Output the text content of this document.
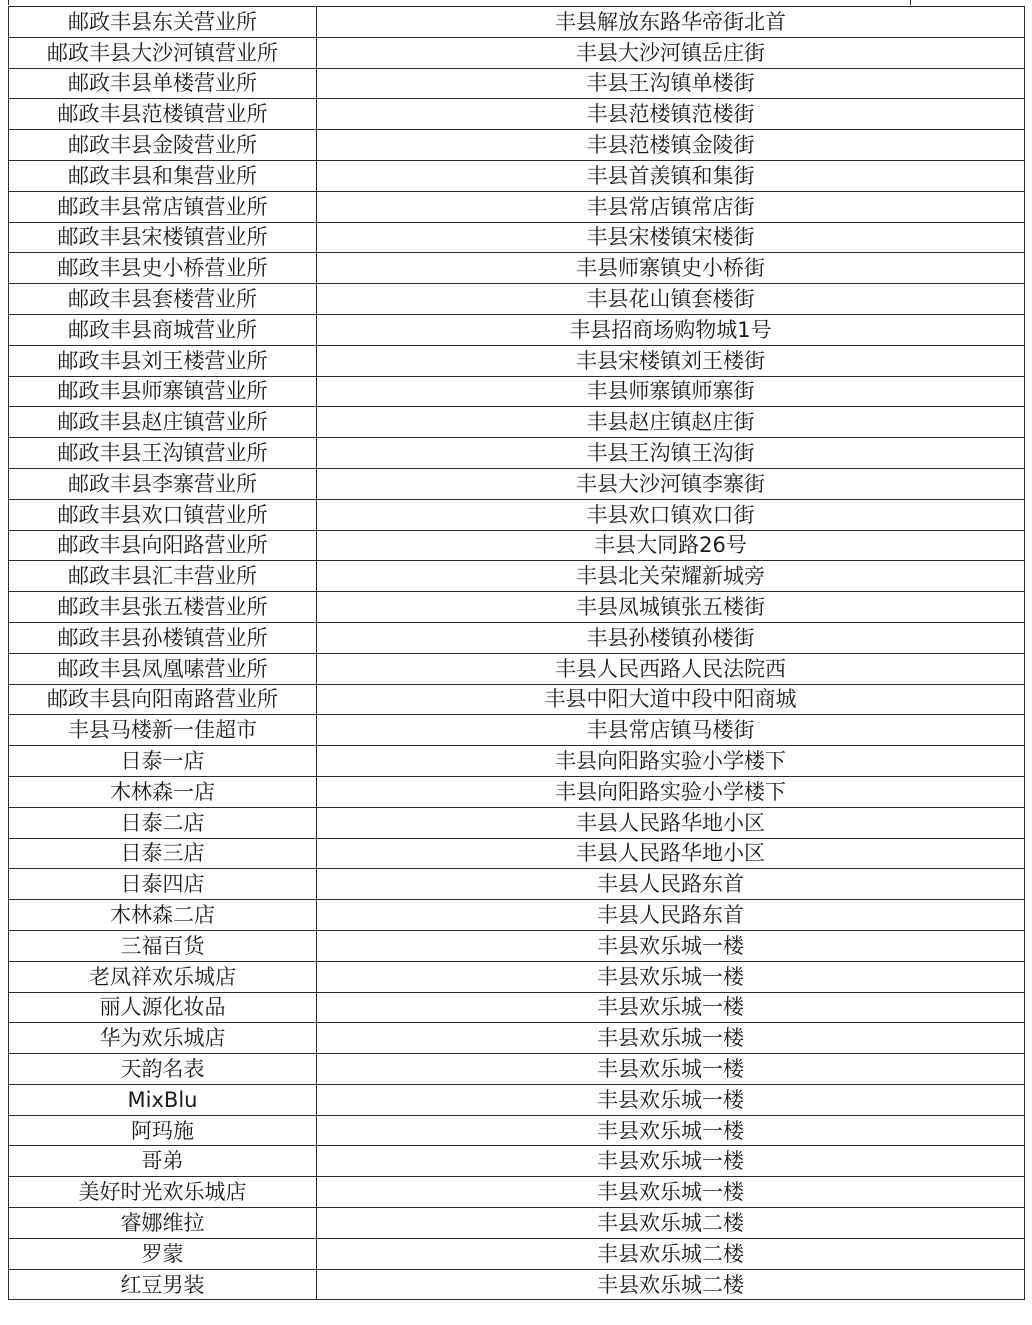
邮政丰县东关营业所	丰县解放东路华帝街北首
邮政丰县大沙河镇营业所	丰县大沙河镇岳庄街
邮政丰县单楼营业所	丰县王沟镇单楼街
邮政丰县范楼镇营业所	丰县范楼镇范楼街
邮政丰县金陵营业所	丰县范楼镇金陵街
邮政丰县和集营业所	丰县首羡镇和集街
邮政丰县常店镇营业所	丰县常店镇常店街
邮政丰县宋楼镇营业所	丰县宋楼镇宋楼街
邮政丰县史小桥营业所	丰县师寨镇史小桥街
邮政丰县套楼营业所	丰县花山镇套楼街
邮政丰县商城营业所	丰县招商场购物城1号
邮政丰县刘王楼营业所	丰县宋楼镇刘王楼街
邮政丰县师寨镇营业所	丰县师寨镇师寨街
邮政丰县赵庄镇营业所	丰县赵庄镇赵庄街
邮政丰县王沟镇营业所	丰县王沟镇王沟街
邮政丰县李寨营业所	丰县大沙河镇李寨街
邮政丰县欢口镇营业所	丰县欢口镇欢口街
邮政丰县向阳路营业所	丰县大同路26号
邮政丰县汇丰营业所	丰县北关荣耀新城旁
邮政丰县张五楼营业所	丰县凤城镇张五楼街
邮政丰县孙楼镇营业所	丰县孙楼镇孙楼街
邮政丰县凤凰嗉营业所	丰县人民西路人民法院西
邮政丰县向阳南路营业所	丰县中阳大道中段中阳商城
丰县马楼新一佳超市	丰县常店镇马楼街
日泰一店	丰县向阳路实验小学楼下
木林森一店	丰县向阳路实验小学楼下
日泰二店	丰县人民路华地小区
日泰三店	丰县人民路华地小区
日泰四店	丰县人民路东首
木林森二店	丰县人民路东首
三福百货	丰县欢乐城一楼
老凤祥欢乐城店	丰县欢乐城一楼
丽人源化妆品	丰县欢乐城一楼
华为欢乐城店	丰县欢乐城一楼
天韵名表	丰县欢乐城一楼
MixBlu	丰县欢乐城一楼
阿玛施	丰县欢乐城一楼
哥弟	丰县欢乐城一楼
美好时光欢乐城店	丰县欢乐城一楼
睿娜维拉	丰县欢乐城二楼
罗蒙	丰县欢乐城二楼
红豆男装	丰县欢乐城二楼
